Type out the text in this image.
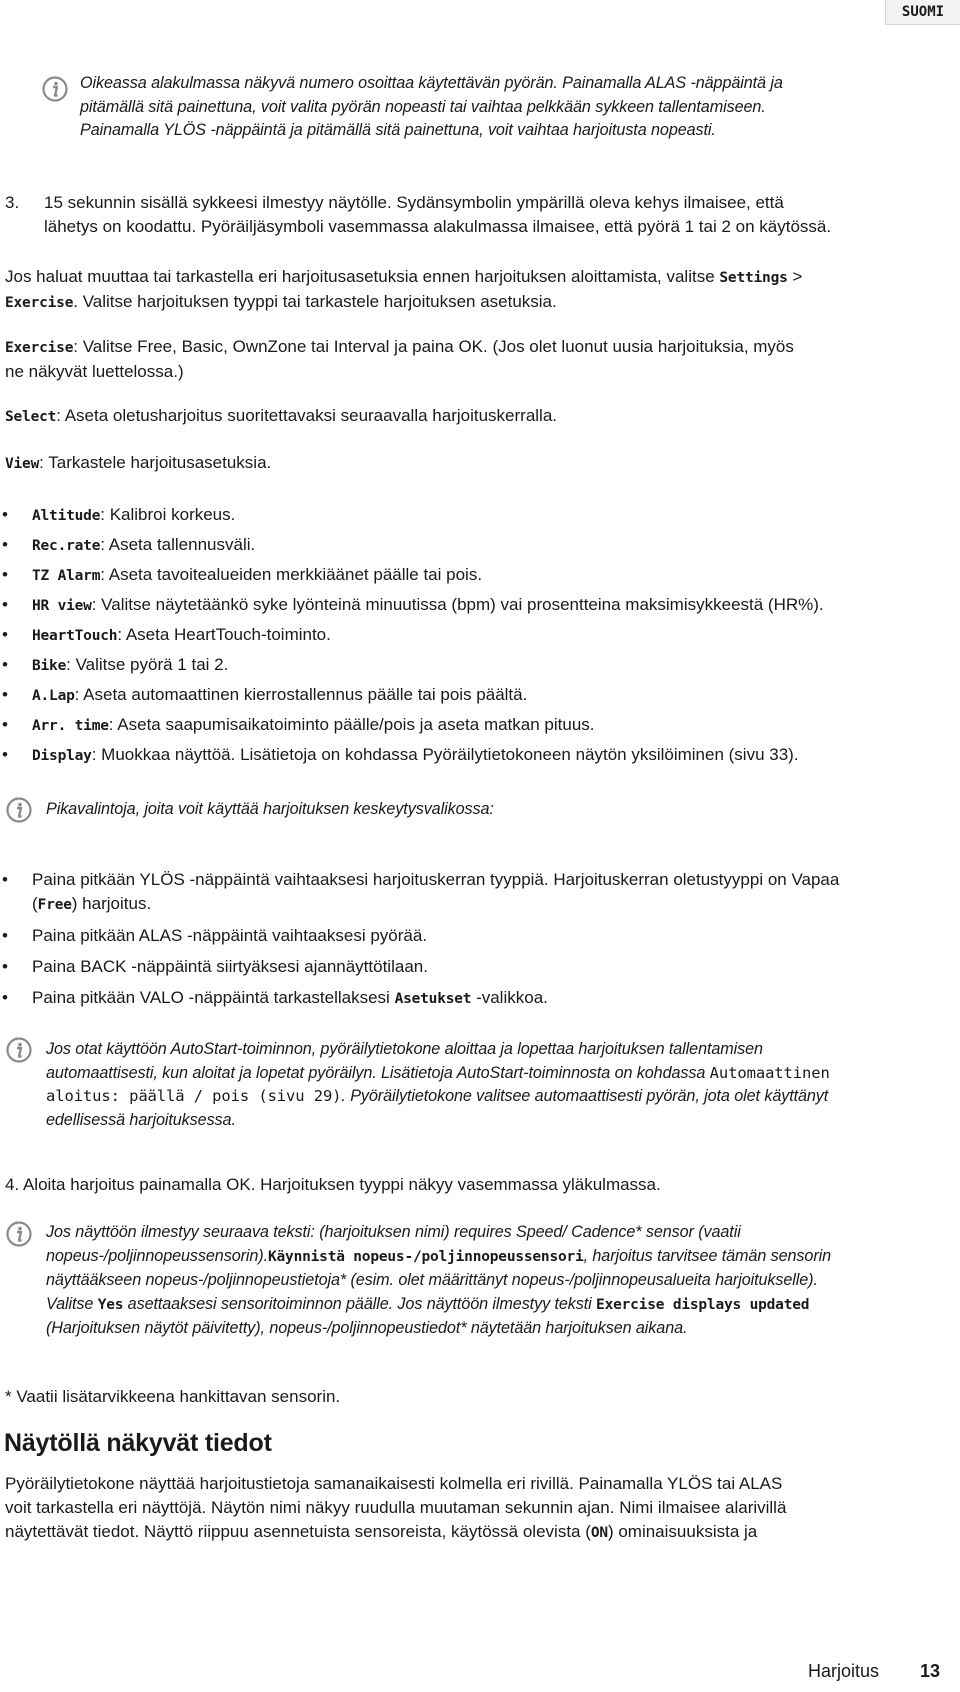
SUOMI
Oikeassa alakulmassa näkyvä numero osoittaa käytettävän pyörän. Painamalla ALAS -näppäintä ja
pitämällä sitä painettuna, voit valita pyörän nopeasti tai vaihtaa pelkkään sykkeen tallentamiseen.
Painamalla YLÖS -näppäintä ja pitämällä sitä painettuna, voit vaihtaa harjoitusta nopeasti.
3. 15 sekunnin sisällä sykkeesi ilmestyy näytölle. Sydänsymbolin ympärillä oleva kehys ilmaisee, että
lähetys on koodattu. Pyöräiljäsymboli vasemmassa alakulmassa ilmaisee, että pyörä 1 tai 2 on käytössä.
Jos haluat muuttaa tai tarkastella eri harjoitusasetuksia ennen harjoituksen aloittamista, valitse Settings >
Exercise. Valitse harjoituksen tyyppi tai tarkastele harjoituksen asetuksia.
Exercise: Valitse Free, Basic, OwnZone tai Interval ja paina OK. (Jos olet luonut uusia harjoituksia, myös
ne näkyvät luettelossa.)
Select: Aseta oletusharjoitus suoritettavaksi seuraavalla harjoituskerralla.
View: Tarkastele harjoitusasetuksia.
• Altitude: Kalibroi korkeus.
• Rec.rate: Aseta tallennusväli.
• TZ Alarm: Aseta tavoitealueiden merkkiäänet päälle tai pois.
• HR view: Valitse näytetäänkö syke lyönteinä minuutissa (bpm) vai prosentteina maksimisykkeestä (HR%).
• HeartTouch: Aseta HeartTouch-toiminto.
• Bike: Valitse pyörä 1 tai 2.
• A.Lap: Aseta automaattinen kierrostallennus päälle tai pois päältä.
• Arr. time: Aseta saapumisaikatoiminto päälle/pois ja aseta matkan pituus.
• Display: Muokkaa näyttöä. Lisätietoja on kohdassa Pyöräilytietokoneen näytön yksilöiminen (sivu 33).
Pikavalintoja, joita voit käyttää harjoituksen keskeytysvalikossa:
• Paina pitkään YLÖS -näppäintä vaihtaaksesi harjoituskerran tyyppiä. Harjoituskerran oletustyyppi on Vapaa
(Free) harjoitus.
• Paina pitkään ALAS -näppäintä vaihtaaksesi pyörää.
• Paina BACK -näppäintä siirtyäksesi ajannäyttötilaan.
• Paina pitkään VALO -näppäintä tarkastellaksesi Asetukset -valikkoa.
Jos otat käyttöön AutoStart-toiminnon, pyöräilytietokone aloittaa ja lopettaa harjoituksen tallentamisen
automaattisesti, kun aloitat ja lopetat pyöräilyn. Lisätietoja AutoStart-toiminnosta on kohdassa Automaattinen
aloitus: päällä / pois (sivu 29). Pyöräilytietokone valitsee automaattisesti pyörän, jota olet käyttänyt
edellisessä harjoituksessa.
4. Aloita harjoitus painamalla OK. Harjoituksen tyyppi näkyy vasemmassa yläkulmassa.
Jos näyttöön ilmestyy seuraava teksti: (harjoituksen nimi) requires Speed/ Cadence* sensor (vaatii
nopeus-/poljinnopeussensorin).Käynnistä nopeus-/poljinnopeussensori, harjoitus tarvitsee tämän sensorin
näyttääkseen nopeus-/poljinnopeustietoja* (esim. olet määrittänyt nopeus-/poljinnopeusalueita harjoitukselle).
Valitse Yes asettaaksesi sensoritoiminnon päälle. Jos näyttöön ilmestyy teksti Exercise displays updated
(Harjoituksen näytöt päivitetty), nopeus-/poljinnopeustiedot* näytetään harjoituksen aikana.
* Vaatii lisätarvikkeena hankittavan sensorin.
Näytöllä näkyvät tiedot
Pyöräilytietokone näyttää harjoitustietoja samanaikaisesti kolmella eri rivillä. Painamalla YLÖS tai ALAS
voit tarkastella eri näyttöjä. Näytön nimi näkyy ruudulla muutaman sekunnin ajan. Nimi ilmaisee alarivillä
näytettävät tiedot. Näyttö riippuu asennetuista sensoreista, käytössä olevista (ON) ominaisuuksista ja
Harjoitus 13
